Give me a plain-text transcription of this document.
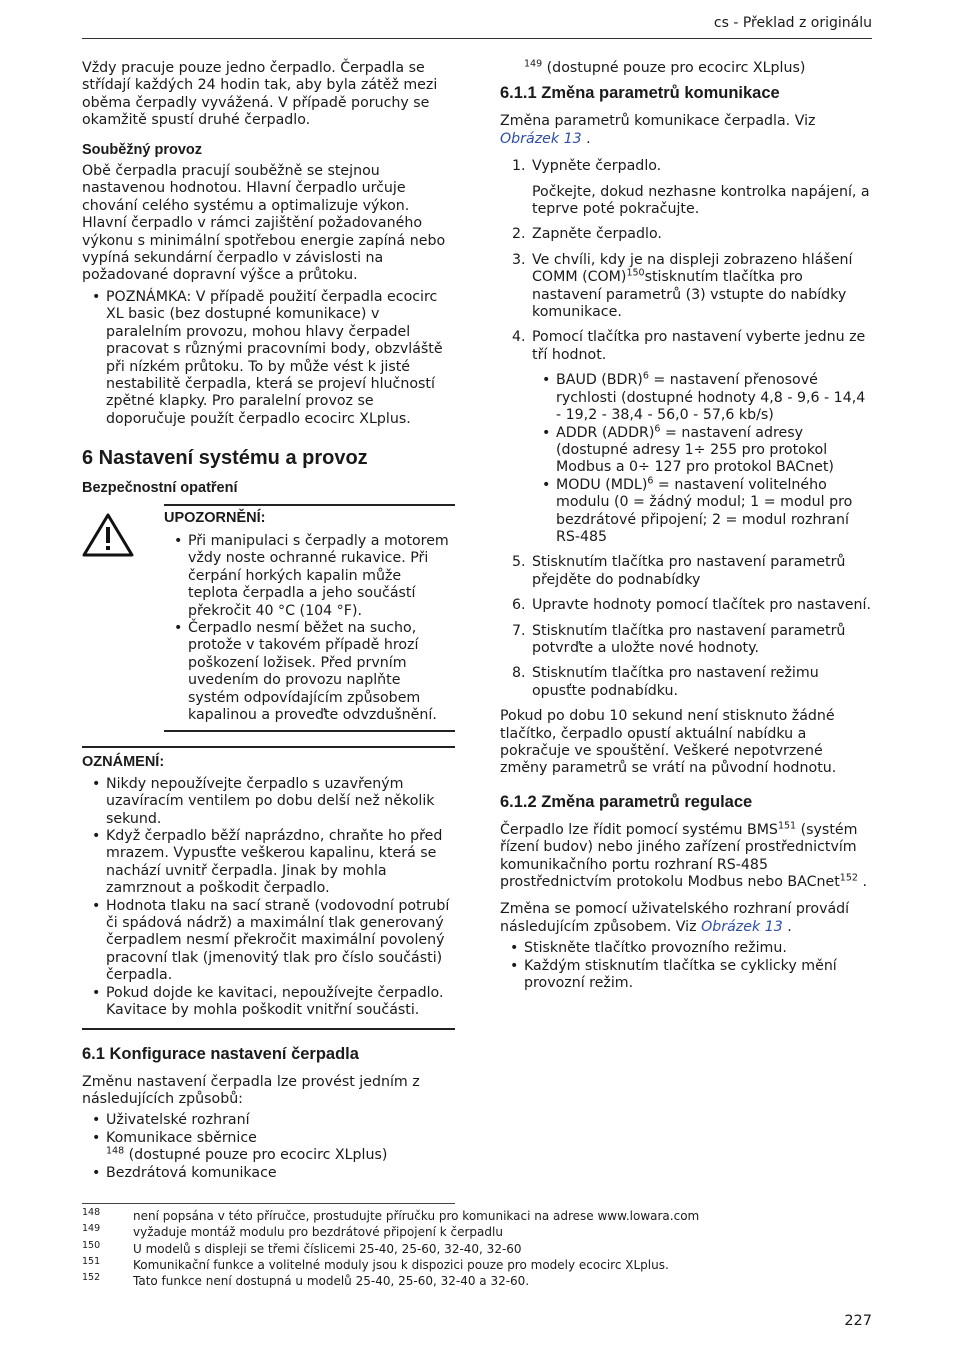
cs - Překlad z originálu

Vždy pracuje pouze jedno čerpadlo. Čerpadla se střídají každých 24 hodin tak, aby byla zátěž mezi oběma čerpadly vyvážená. V případě poruchy se okamžitě spustí druhé čerpadlo.

Souběžný provoz

Obě čerpadla pracují souběžně se stejnou nastavenou hodnotou. Hlavní čerpadlo určuje chování celého systému a optimalizuje výkon. Hlavní čerpadlo v rámci zajištění požadovaného výkonu s minimální spotřebou energie zapíná nebo vypíná sekundární čerpadlo v závislosti na požadované dopravní výšce a průtoku.

• POZNÁMKA: V případě použití čerpadla ecocirc XL basic (bez dostupné komunikace) v paralelním provozu, mohou hlavy čerpadel pracovat s různými pracovními body, obzvláště při nízkém průtoku. To by může vést k jisté nestabilitě čerpadla, která se projeví hlučností zpětné klapky. Pro paralelní provoz se doporučuje použít čerpadlo ecocirc XLplus.
6 Nastavení systému a provoz
Bezpečnostní opatření
UPOZORNĚNÍ:
• Při manipulaci s čerpadly a motorem vždy noste ochranné rukavice. Při čerpání horkých kapalin může teplota čerpadla a jeho součástí překročit 40 °C (104 °F).
• Čerpadlo nesmí běžet na sucho, protože v takovém případě hrozí poškození ložisek. Před prvním uvedením do provozu naplňte systém odpovídajícím způsobem kapalinou a proveďte odvzdušnění.
OZNÁMENÍ:
• Nikdy nepoužívejte čerpadlo s uzavřeným uzavíracím ventilem po dobu delší než několik sekund.
• Když čerpadlo běží naprázdno, chraňte ho před mrazem. Vypusťte veškerou kapalinu, která se nachází uvnitř čerpadla. Jinak by mohla zamrznout a poškodit čerpadlo.
• Hodnota tlaku na sací straně (vodovodní potrubí či spádová nádrž) a maximální tlak generovaný čerpadlem nesmí překročit maximální povolený pracovní tlak (jmenovitý tlak pro číslo součásti) čerpadla.
• Pokud dojde ke kavitaci, nepoužívejte čerpadlo. Kavitace by mohla poškodit vnitřní součásti.
6.1 Konfigurace nastavení čerpadla

Změnu nastavení čerpadla lze provést jedním z následujících způsobů:

• Uživatelské rozhraní
• Komunikace sběrnice
$^{148}$ (dostupné pouze pro ecocirc XLplus)
• Bezdrátová komunikace

$^{149}$ (dostupné pouze pro ecocirc XLplus)

6.1.1 Změna parametrů komunikace

Změna parametrů komunikace čerpadla. Viz Obrázek 13 .

1. Vypněte čerpadlo.

Počkejte, dokud nezhasne kontrolka napájení, a teprve poté pokračujte.

2. Zapněte čerpadlo.
3. Ve chvíli, kdy je na displeji zobrazeno hlášení COMM (COM)$^{150}$stisknutím tlačítka pro nastavení parametrů (3) vstupte do nabídky komunikace.
4. Pomocí tlačítka pro nastavení vyberte jednu ze tří hodnot.
• BAUD (BDR)$^6$ = nastavení přenosové rychlosti (dostupné hodnoty 4,8 - 9,6 - 14,4 - 19,2 - 38,4 - 56,0 - 57,6 kb/s)
• ADDR (ADDR)$^6$ = nastavení adresy (dostupné adresy 1÷ 255 pro protokol Modbus a 0÷ 127 pro protokol BACnet)
• MODU (MDL)$^6$ = nastavení volitelného modulu (0 = žádný modul; 1 = modul pro bezdrátové připojení; 2 = modul rozhraní RS-485
5. Stisknutím tlačítka pro nastavení parametrů přejděte do podnabídky
6. Upravte hodnoty pomocí tlačítek pro nastavení.
7. Stisknutím tlačítka pro nastavení parametrů potvrďte a uložte nové hodnoty.
8. Stisknutím tlačítka pro nastavení režimu opusťte podnabídku.

Pokud po dobu 10 sekund není stisknuto žádné tlačítko, čerpadlo opustí aktuální nabídku a pokračuje ve spouštění. Veškeré nepotvrzené změny parametrů se vrátí na původní hodnotu.

6.1.2 Změna parametrů regulace

Čerpadlo lze řídit pomocí systému BMS$^{151}$ (systém řízení budov) nebo jiného zařízení prostřednictvím komunikačního portu rozhraní RS-485 prostřednictvím protokolu Modbus nebo BACnet$^{152}$ .

Změna se pomocí uživatelského rozhraní provádí následujícím způsobem. Viz Obrázek 13 .

• Stiskněte tlačítko provozního režimu.
• Každým stisknutím tlačítka se cyklicky mění provozní režim.
148	není popsána v této příručce, prostudujte příručku pro komunikaci na adrese www.lowara.com
149	vyžaduje montáž modulu pro bezdrátové připojení k čerpadlu
150	U modelů s displeji se třemi číslicemi 25-40, 25-60, 32-40, 32-60
151	Komunikační funkce a volitelné moduly jsou k dispozici pouze pro modely ecocirc XLplus.
152	Tato funkce není dostupná u modelů 25-40, 25-60, 32-40 a 32-60.
227
